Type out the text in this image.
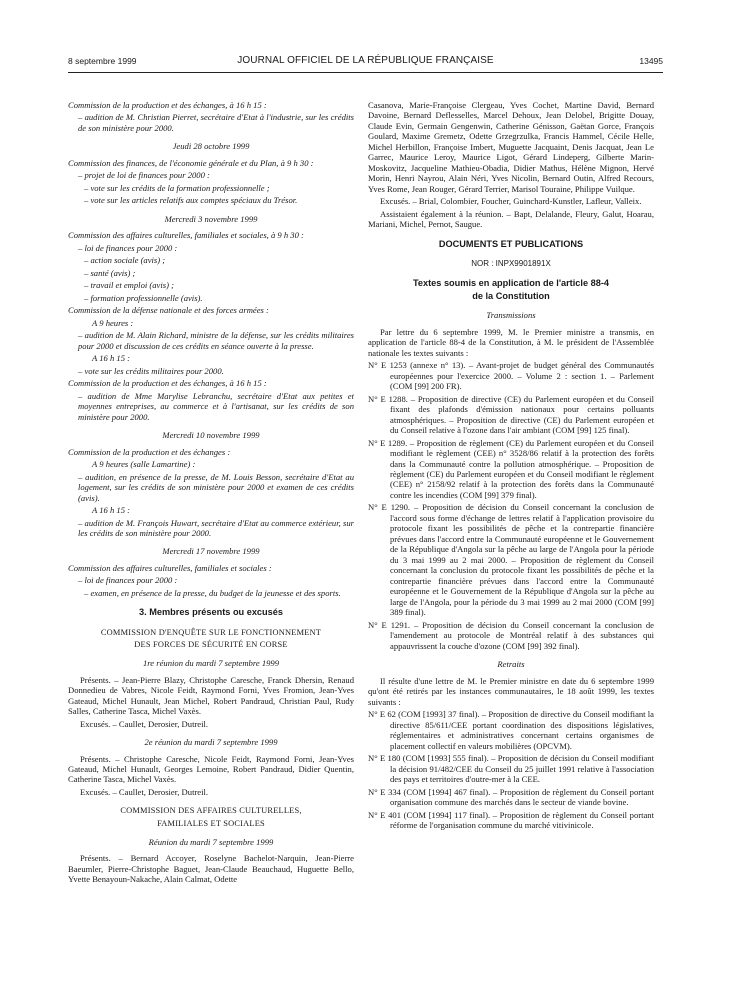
8 septembre 1999	JOURNAL OFFICIEL DE LA RÉPUBLIQUE FRANÇAISE	13495

Commission de la production et des échanges, à 16 h 15 :

– audition de M. Christian Pierret, secrétaire d'Etat à l'industrie, sur les crédits de son ministère pour 2000.

Jeudi 28 octobre 1999

Commission des finances, de l'économie générale et du Plan, à 9 h 30 :

– projet de loi de finances pour 2000 :

– vote sur les crédits de la formation professionnelle ;

– vote sur les articles relatifs aux comptes spéciaux du Trésor.

Mercredi 3 novembre 1999

Commission des affaires culturelles, familiales et sociales, à 9 h 30 :

– loi de finances pour 2000 :

– action sociale (avis) ;

– santé (avis) ;

– travail et emploi (avis) ;

– formation professionnelle (avis).

Commission de la défense nationale et des forces armées :

A 9 heures :

– audition de M. Alain Richard, ministre de la défense, sur les crédits militaires pour 2000 et discussion de ces crédits en séance ouverte à la presse.

A 16 h 15 :

– vote sur les crédits militaires pour 2000.

Commission de la production et des échanges, à 16 h 15 :

– audition de Mme Marylise Lebranchu, secrétaire d'Etat aux petites et moyennes entreprises, au commerce et à l'artisanat, sur les crédits de son ministère pour 2000.

Mercredi 10 novembre 1999

Commission de la production et des échanges :

A 9 heures (salle Lamartine) :

– audition, en présence de la presse, de M. Louis Besson, secrétaire d'Etat au logement, sur les crédits de son ministère pour 2000 et examen de ces crédits (avis).

A 16 h 15 :

– audition de M. François Huwart, secrétaire d'Etat au commerce extérieur, sur les crédits de son ministère pour 2000.

Mercredi 17 novembre 1999

Commission des affaires culturelles, familiales et sociales :

– loi de finances pour 2000 :

– examen, en présence de la presse, du budget de la jeunesse et des sports.

3. Membres présents ou excusés

COMMISSION D'ENQUÊTE SUR LE FONCTIONNEMENT

DES FORCES DE SÉCURITÉ EN CORSE

1re réunion du mardi 7 septembre 1999

Présents. – Jean-Pierre Blazy, Christophe Caresche, Franck Dhersin, Renaud Donnedieu de Vabres, Nicole Feidt, Raymond Forni, Yves Fromion, Jean-Yves Gateaud, Michel Hunault, Jean Michel, Robert Pandraud, Christian Paul, Rudy Salles, Catherine Tasca, Michel Vaxès.

Excusés. – Caullet, Derosier, Dutreil.

2e réunion du mardi 7 septembre 1999

Présents. – Christophe Caresche, Nicole Feidt, Raymond Forni, Jean-Yves Gateaud, Michel Hunault, Georges Lemoine, Robert Pandraud, Didier Quentin, Catherine Tasca, Michel Vaxès.

Excusés. – Caullet, Derosier, Dutreil.

COMMISSION DES AFFAIRES CULTURELLES,

FAMILIALES ET SOCIALES

Réunion du mardi 7 septembre 1999

Présents. – Bernard Accoyer, Roselyne Bachelot-Narquin, Jean-Pierre Baeumler, Pierre-Christophe Baguet, Jean-Claude Beauchaud, Huguette Bello, Yvette Benayoun-Nakache, Alain Calmat, Odette

Casanova, Marie-Françoise Clergeau, Yves Cochet, Martine David, Bernard Davoine, Bernard Deflesselles, Marcel Dehoux, Jean Delobel, Brigitte Douay, Claude Evin, Germain Gengenwin, Catherine Génisson, Gaëtan Gorce, François Goulard, Maxime Gremetz, Odette Grzegrzulka, Francis Hammel, Cécile Helle, Michel Herbillon, Françoise Imbert, Muguette Jacquaint, Denis Jacquat, Jean Le Garrec, Maurice Leroy, Maurice Ligot, Gérard Lindeperg, Gilberte Marin-Moskovitz, Jacqueline Mathieu-Obadia, Didier Mathus, Hélène Mignon, Hervé Morin, Henri Nayrou, Alain Néri, Yves Nicolin, Bernard Outin, Alfred Recours, Yves Rome, Jean Rouger, Gérard Terrier, Marisol Touraine, Philippe Vuilque.

Excusés. – Brial, Colombier, Foucher, Guinchard-Kunstler, Lafleur, Valleix.

Assistaient également à la réunion. – Bapt, Delalande, Fleury, Galut, Hoarau, Mariani, Michel, Pernot, Saugue.

DOCUMENTS ET PUBLICATIONS

NOR : INPX9901891X

Textes soumis en application de l'article 88-4

de la Constitution

Transmissions

Par lettre du 6 septembre 1999, M. le Premier ministre a transmis, en application de l'article 88-4 de la Constitution, à M. le président de l'Assemblée nationale les textes suivants :

N° E 1253 (annexe n° 13). – Avant-projet de budget général des Communautés européennes pour l'exercice 2000. – Volume 2 : section 1. – Parlement (COM [99] 200 FR).

N° E 1288. – Proposition de directive (CE) du Parlement européen et du Conseil fixant des plafonds d'émission nationaux pour certains polluants atmosphériques. – Proposition de directive (CE) du Parlement européen et du Conseil relative à l'ozone dans l'air ambiant (COM [99] 125 final).

N° E 1289. – Proposition de règlement (CE) du Parlement européen et du Conseil modifiant le règlement (CEE) n° 3528/86 relatif à la protection des forêts dans la Communauté contre la pollution atmosphérique. – Proposition de règlement (CE) du Parlement européen et du Conseil modifiant le règlement (CEE) n° 2158/92 relatif à la protection des forêts dans la Communauté contre les incendies (COM [99] 379 final).

N° E 1290. – Proposition de décision du Conseil concernant la conclusion de l'accord sous forme d'échange de lettres relatif à l'application provisoire du protocole fixant les possibilités de pêche et la contrepartie financière prévues dans l'accord entre la Communauté européenne et le Gouvernement de la République d'Angola sur la pêche au large de l'Angola pour la période du 3 mai 1999 au 2 mai 2000. – Proposition de règlement du Conseil concernant la conclusion du protocole fixant les possibilités de pêche et la contrepartie financière prévues dans l'accord entre la Communauté européenne et le Gouvernement de la République d'Angola sur la pêche au large de l'Angola, pour la période du 3 mai 1999 au 2 mai 2000 (COM [99] 389 final).

N° E 1291. – Proposition de décision du Conseil concernant la conclusion de l'amendement au protocole de Montréal relatif à des substances qui appauvrissent la couche d'ozone (COM [99] 392 final).

Retraits

Il résulte d'une lettre de M. le Premier ministre en date du 6 septembre 1999 qu'ont été retirés par les instances communautaires, le 18 août 1999, les textes suivants :

N° E 62 (COM [1993] 37 final). – Proposition de directive du Conseil modifiant la directive 85/611/CEE portant coordination des dispositions législatives, réglementaires et administratives concernant certains organismes de placement collectif en valeurs mobilières (OPCVM).

N° E 180 (COM [1993] 555 final). – Proposition de décision du Conseil modifiant la décision 91/482/CEE du Conseil du 25 juillet 1991 relative à l'association des pays et territoires d'outre-mer à la CEE.

N° E 334 (COM [1994] 467 final). – Proposition de règlement du Conseil portant organisation commune des marchés dans le secteur de viande bovine.

N° E 401 (COM [1994] 117 final). – Proposition de règlement du Conseil portant réforme de l'organisation commune du marché vitivinicole.
